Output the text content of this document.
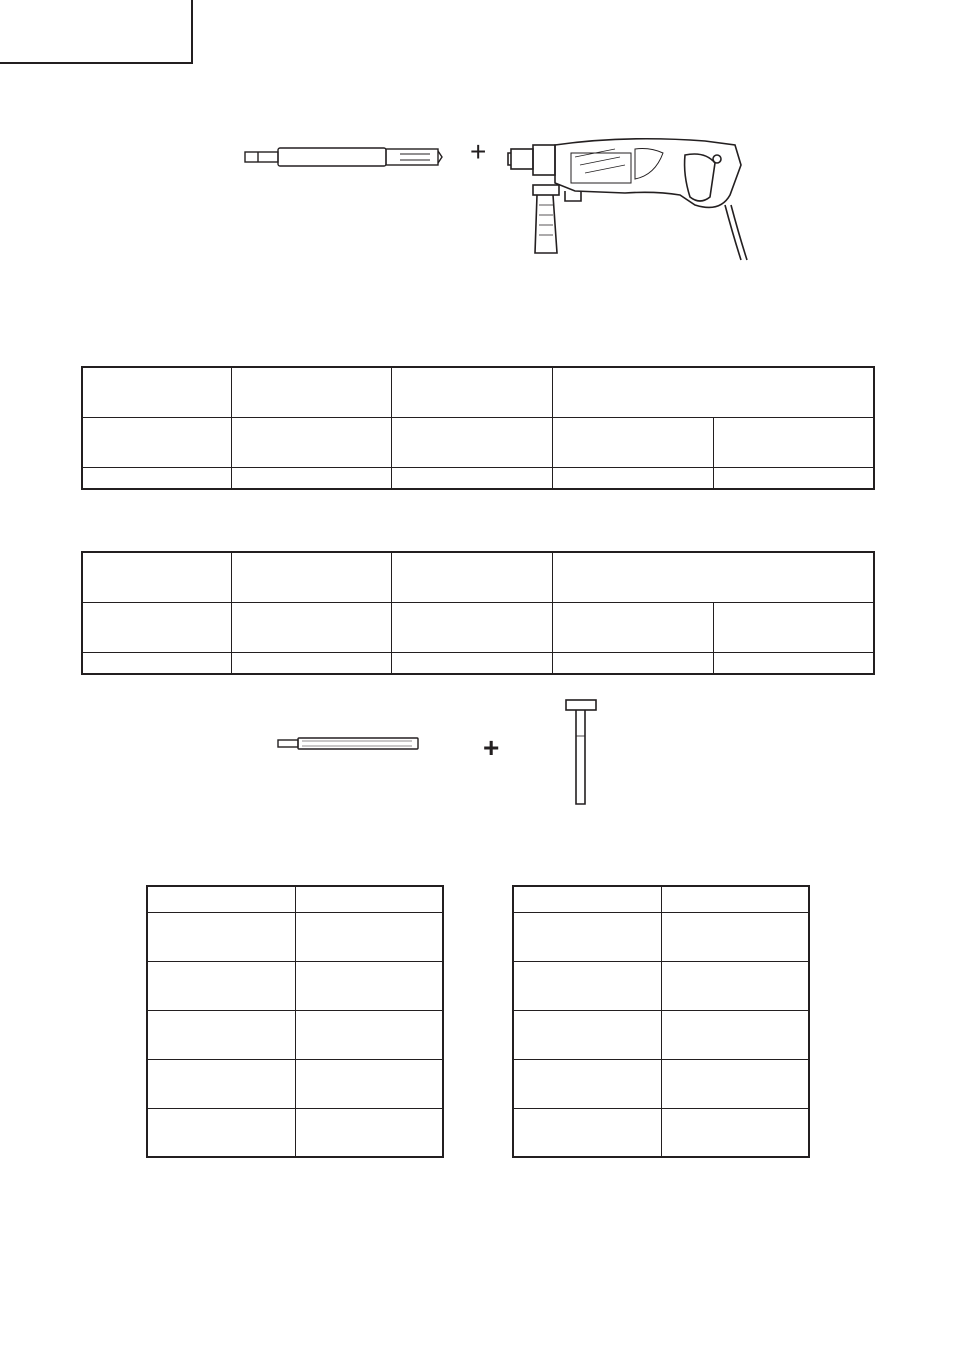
+

+
